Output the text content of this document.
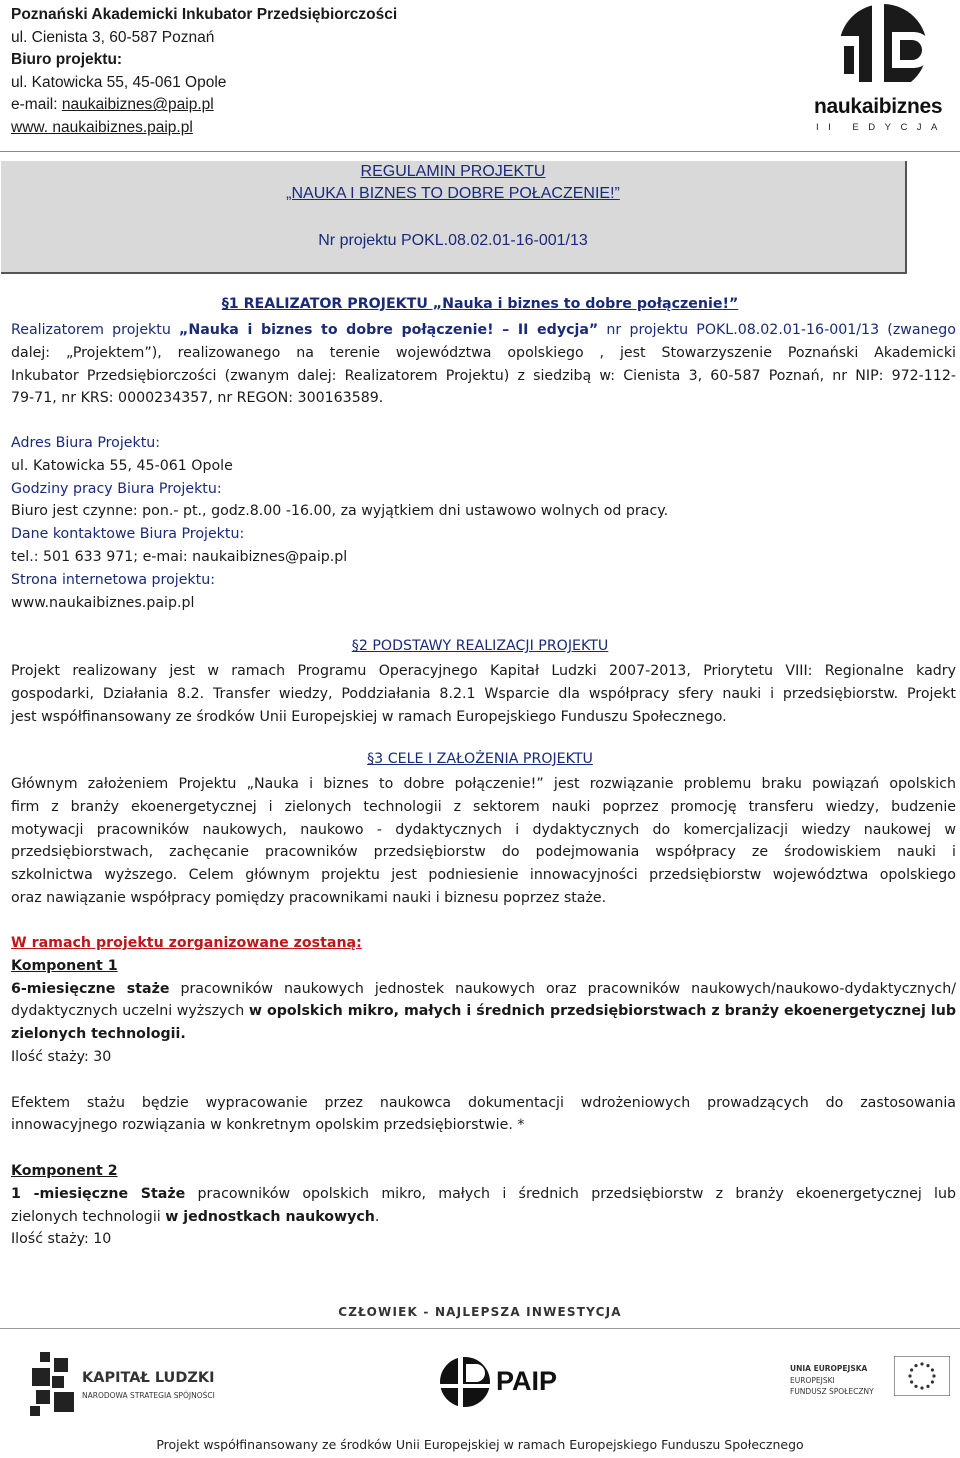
Poznański Akademicki Inkubator Przedsiębiorczości
ul. Cienista 3, 60-587 Poznań
Biuro projektu:
ul. Katowicka 55, 45-061 Opole
e-mail: naukaibiznes@paip.pl
www. naukaibiznes.paip.pl
naukaibiznes
II EDYCJA
REGULAMIN PROJEKTU
„NAUKA I BIZNES TO DOBRE POŁACZENIE!”
Nr projektu POKL.08.02.01-16-001/13
§1 REALIZATOR PROJEKTU „Nauka i biznes to dobre połączenie!”
Realizatorem projektu „Nauka i biznes to dobre połączenie! – II edycja” nr projektu POKL.08.02.01-16-001/13 (zwanego
dalej: „Projektem”), realizowanego na terenie województwa opolskiego , jest Stowarzyszenie Poznański Akademicki
Inkubator Przedsiębiorczości (zwanym dalej: Realizatorem Projektu) z siedzibą w: Cienista 3, 60-587 Poznań, nr NIP: 972-112-
79-71, nr KRS: 0000234357, nr REGON: 300163589.
Adres Biura Projektu:
ul. Katowicka 55, 45-061 Opole
Godziny pracy Biura Projektu:
Biuro jest czynne: pon.- pt., godz.8.00 -16.00, za wyjątkiem dni ustawowo wolnych od pracy.
Dane kontaktowe Biura Projektu:
tel.: 501 633 971; e-mai: naukaibiznes@paip.pl
Strona internetowa projektu:
www.naukaibiznes.paip.pl
§2 PODSTAWY REALIZACJI PROJEKTU
Projekt realizowany jest w ramach Programu Operacyjnego Kapitał Ludzki 2007-2013, Priorytetu VIII: Regionalne kadry
gospodarki, Działania 8.2. Transfer wiedzy, Poddziałania 8.2.1 Wsparcie dla współpracy sfery nauki i przedsiębiorstw. Projekt
jest współfinansowany ze środków Unii Europejskiej w ramach Europejskiego Funduszu Społecznego.
§3 CELE I ZAŁOŻENIA PROJEKTU
Głównym założeniem Projektu „Nauka i biznes to dobre połączenie!” jest rozwiązanie problemu braku powiązań opolskich
firm z branży ekoenergetycznej i zielonych technologii z sektorem nauki poprzez promocję transferu wiedzy, budzenie
motywacji pracowników naukowych, naukowo - dydaktycznych i dydaktycznych do komercjalizacji wiedzy naukowej w
przedsiębiorstwach, zachęcanie pracowników przedsiębiorstw do podejmowania współpracy ze środowiskiem nauki i
szkolnictwa wyższego. Celem głównym projektu jest podniesienie innowacyjności przedsiębiorstw województwa opolskiego
oraz nawiązanie współpracy pomiędzy pracownikami nauki i biznesu poprzez staże.
W ramach projektu zorganizowane zostaną:
Komponent 1
6-miesięczne staże pracowników naukowych jednostek naukowych oraz pracowników naukowych/naukowo-dydaktycznych/
dydaktycznych uczelni wyższych w opolskich mikro, małych i średnich przedsiębiorstwach z branży ekoenergetycznej lub
zielonych technologii.
Ilość staży: 30
Efektem stażu będzie wypracowanie przez naukowca dokumentacji wdrożeniowych prowadzących do zastosowania
innowacyjnego rozwiązania w konkretnym opolskim przedsiębiorstwie. *
Komponent 2
1 -miesięczne Staże pracowników opolskich mikro, małych i średnich przedsiębiorstw z branży ekoenergetycznej lub
zielonych technologii w jednostkach naukowych.
Ilość staży: 10
CZŁOWIEK - NAJLEPSZA INWESTYCJA
KAPITAŁ LUDZKI
NARODOWA STRATEGIA SPÓJNOŚCI	PAIP	UNIA EUROPEJSKA
EUROPEJSKI
FUNDUSZ SPOŁECZNY
Projekt współfinansowany ze środków Unii Europejskiej w ramach Europejskiego Funduszu Społecznego
